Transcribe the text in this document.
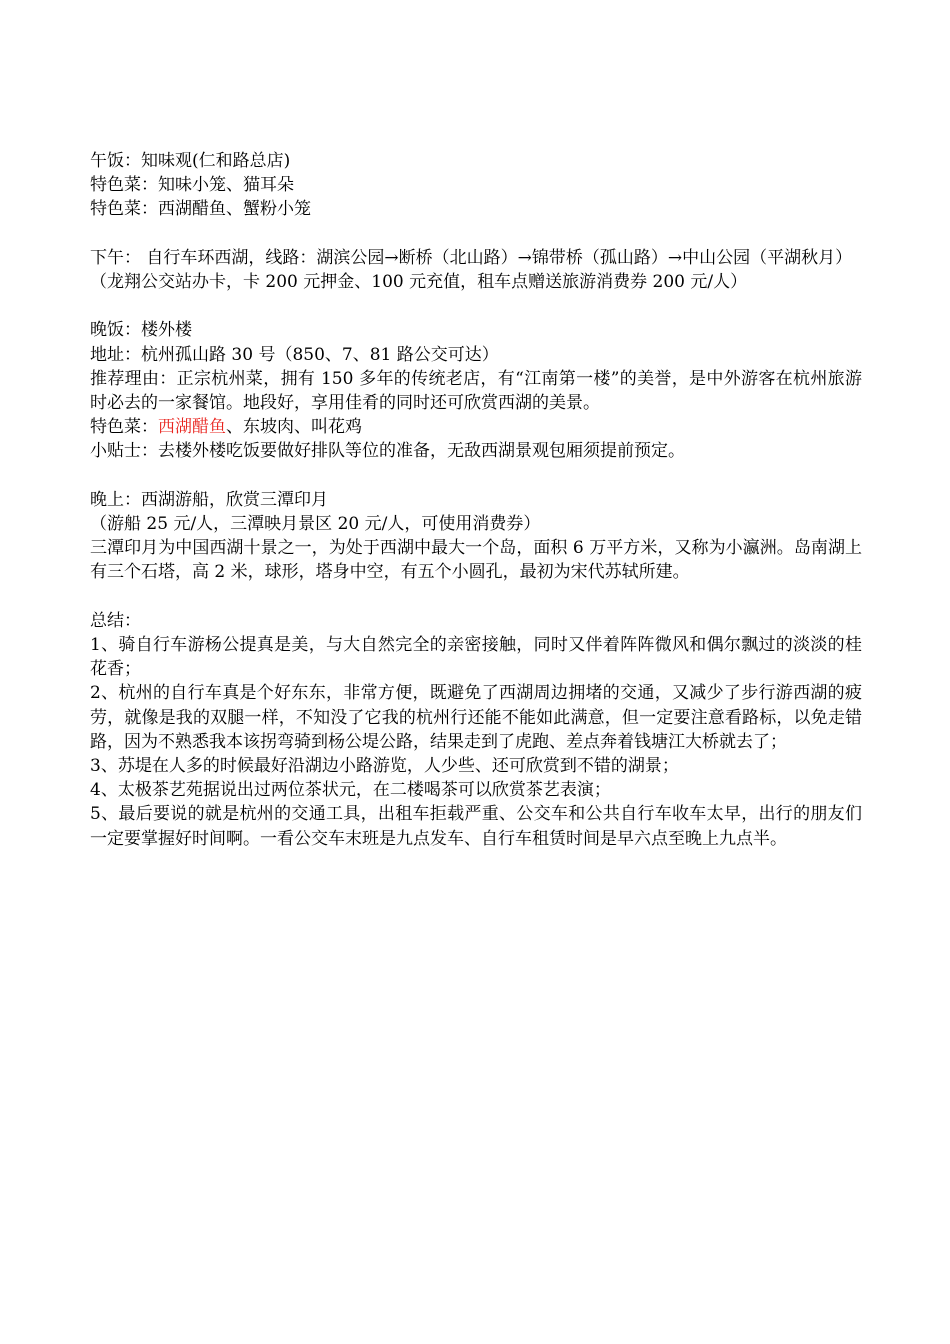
午饭：知味观(仁和路总店)
特色菜：知味小笼、猫耳朵
特色菜：西湖醋鱼、蟹粉小笼
下午： 自行车环西湖，线路：湖滨公园→断桥（北山路）→锦带桥（孤山路）→中山公园（平湖秋月）
（龙翔公交站办卡，卡 200 元押金、100 元充值，租车点赠送旅游消费券 200 元/人）
晚饭：楼外楼
地址：杭州孤山路 30 号（850、7、81 路公交可达）
推荐理由：正宗杭州菜，拥有 150 多年的传统老店，有“江南第一楼”的美誉，是中外游客在杭州旅游时必去的一家餐馆。地段好，享用佳肴的同时还可欣赏西湖的美景。
特色菜：西湖醋鱼、东坡肉、叫花鸡
小贴士：去楼外楼吃饭要做好排队等位的准备，无敌西湖景观包厢须提前预定。
晚上：西湖游船，欣赏三潭印月
（游船 25 元/人，三潭映月景区 20 元/人，可使用消费券）
三潭印月为中国西湖十景之一，为处于西湖中最大一个岛，面积 6 万平方米，又称为小瀛洲。岛南湖上有三个石塔，高 2 米，球形，塔身中空，有五个小圆孔，最初为宋代苏轼所建。
总结：
1、骑自行车游杨公提真是美，与大自然完全的亲密接触，同时又伴着阵阵微风和偶尔飘过的淡淡的桂花香；
2、杭州的自行车真是个好东东，非常方便，既避免了西湖周边拥堵的交通，又减少了步行游西湖的疲劳，就像是我的双腿一样，不知没了它我的杭州行还能不能如此满意，但一定要注意看路标，以免走错路，因为不熟悉我本该拐弯骑到杨公堤公路，结果走到了虎跑、差点奔着钱塘江大桥就去了；
3、苏堤在人多的时候最好沿湖边小路游览，人少些、还可欣赏到不错的湖景；
4、太极茶艺苑据说出过两位茶状元，在二楼喝茶可以欣赏茶艺表演；
5、最后要说的就是杭州的交通工具，出租车拒载严重、公交车和公共自行车收车太早，出行的朋友们一定要掌握好时间啊。一看公交车末班是九点发车、自行车租赁时间是早六点至晚上九点半。
